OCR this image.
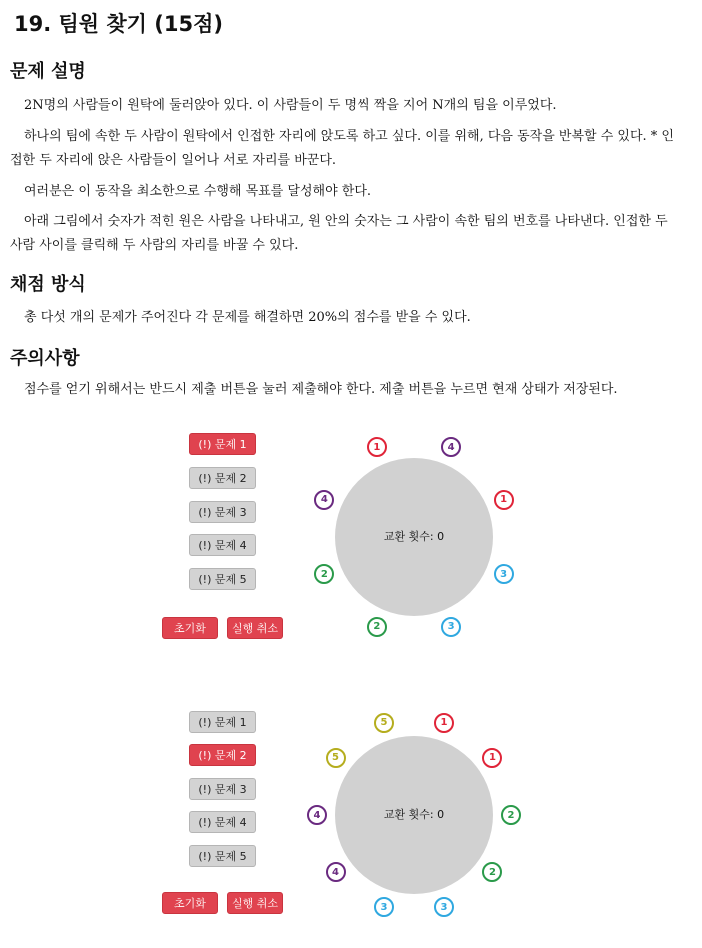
19. 팀원 찾기 (15점)
문제 설명

2N명의 사람들이 원탁에 둘러앉아 있다. 이 사람들이 두 명씩 짝을 지어 N개의 팀을 이루었다.

하나의 팀에 속한 두 사람이 원탁에서 인접한 자리에 앉도록 하고 싶다. 이를 위해, 다음 동작을 반복할 수 있다. * 인접한 두 자리에 앉은 사람들이 일어나 서로 자리를 바꾼다.

여러분은 이 동작을 최소한으로 수행해 목표를 달성해야 한다.

아래 그림에서 숫자가 적힌 원은 사람을 나타내고, 원 안의 숫자는 그 사람이 속한 팀의 번호를 나타낸다. 인접한 두 사람 사이를 클릭해 두 사람의 자리를 바꿀 수 있다.

채점 방식

총 다섯 개의 문제가 주어진다 각 문제를 해결하면 20%의 점수를 받을 수 있다.

주의사항

점수를 얻기 위해서는 반드시 제출 버튼을 눌러 제출해야 한다. 제출 버튼을 누르면 현재 상태가 저장된다.

(!) 문제 1
(!) 문제 2
(!) 문제 3
(!) 문제 4
(!) 문제 5
초기화	실행 취소
교환 횟수: 0
4
1
3
3
2
2
4
1
(!) 문제 1
(!) 문제 2
(!) 문제 3
(!) 문제 4
(!) 문제 5
초기화	실행 취소
교환 횟수: 0
1
1
2
2
3
3
4
4
5
5
